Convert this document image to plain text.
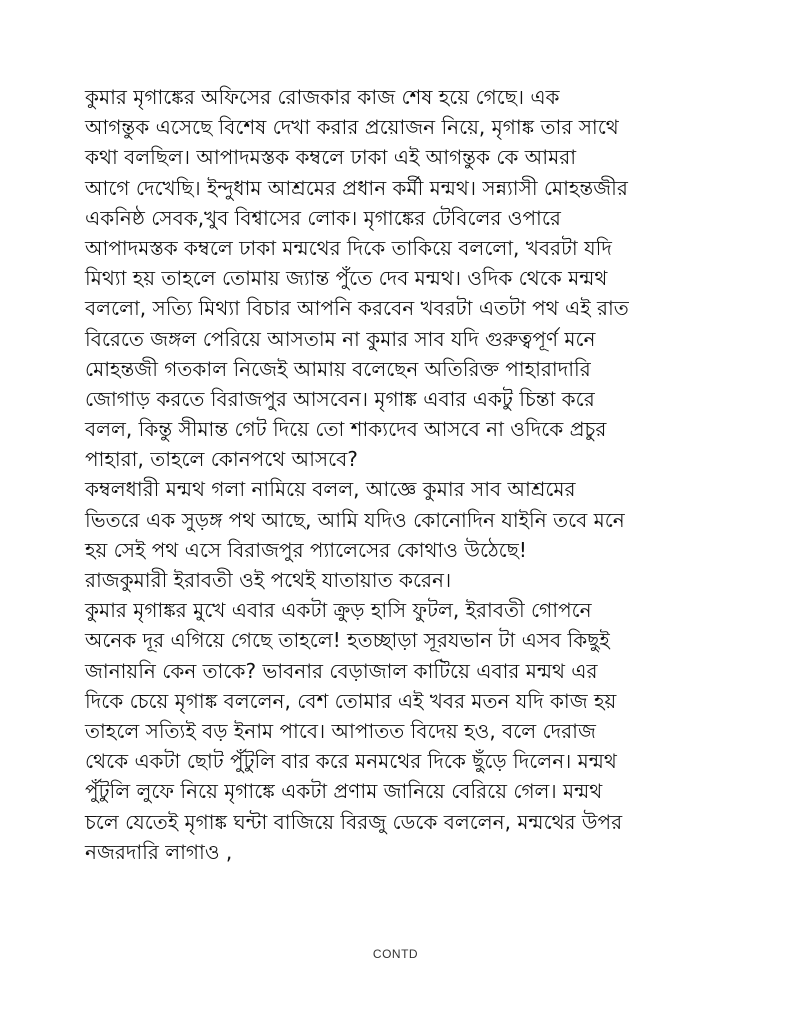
কুমার মৃগাঙ্কের অফিসের রোজকার কাজ শেষ হয়ে গেছে। এক
আগন্তুক এসেছে বিশেষ দেখা করার প্রয়োজন নিয়ে, মৃগাঙ্ক তার সাথে
কথা বলছিল। আপাদমস্তক কম্বলে ঢাকা এই আগন্তুক কে আমরা
আগে দেখেছি। ইন্দুধাম আশ্রমের প্রধান কর্মী মন্মথ। সন্ন্যাসী মোহন্তজীর
একনিষ্ঠ সেবক,খুব বিশ্বাসের লোক। মৃগাঙ্কের টেবিলের ওপারে
আপাদমস্তক কম্বলে ঢাকা মন্মথের দিকে তাকিয়ে বললো, খবরটা যদি
মিথ্যা হয় তাহলে তোমায় জ্যান্ত পুঁতে দেব মন্মথ। ওদিক থেকে মন্মথ
বললো, সত্যি মিথ্যা বিচার আপনি করবেন খবরটা এতটা পথ এই রাত
বিরেতে জঙ্গল পেরিয়ে আসতাম না কুমার সাব যদি গুরুত্বপূর্ণ মনে
মোহন্তজী গতকাল নিজেই আমায় বলেছেন অতিরিক্ত পাহারাদারি
জোগাড় করতে বিরাজপুর আসবেন। মৃগাঙ্ক এবার একটু চিন্তা করে
বলল, কিন্তু সীমান্ত গেট দিয়ে তো শাক্যদেব আসবে না ওদিকে প্রচুর
পাহারা, তাহলে কোনপথে আসবে?
কম্বলধারী মন্মথ গলা নামিয়ে বলল, আজ্ঞে কুমার সাব আশ্রমের
ভিতরে এক সুড়ঙ্গ পথ আছে, আমি যদিও কোনোদিন যাইনি তবে মনে
হয় সেই পথ এসে বিরাজপুর প্যালেসের কোথাও উঠেছে!
রাজকুমারী ইরাবতী ওই পথেই যাতায়াত করেন।
কুমার মৃগাঙ্কর মুখে এবার একটা ক্রুড় হাসি ফুটল, ইরাবতী গোপনে
অনেক দূর এগিয়ে গেছে তাহলে! হতচ্ছাড়া সূরযভান টা এসব কিছুই
জানায়নি কেন তাকে? ভাবনার বেড়াজাল কাটিয়ে এবার মন্মথ এর
দিকে চেয়ে মৃগাঙ্ক বললেন, বেশ তোমার এই খবর মতন যদি কাজ হয়
তাহলে সত্যিই বড় ইনাম পাবে। আপাতত বিদেয় হও, বলে দেরাজ
থেকে একটা ছোট পুঁটুলি বার করে মনমথের দিকে ছুঁড়ে দিলেন। মন্মথ
পুঁটুলি লুফে নিয়ে মৃগাঙ্কে একটা প্রণাম জানিয়ে বেরিয়ে গেল। মন্মথ
চলে যেতেই মৃগাঙ্ক ঘন্টা বাজিয়ে বিরজু ডেকে বললেন, মন্মথের উপর
নজরদারি লাগাও ,
CONTD
